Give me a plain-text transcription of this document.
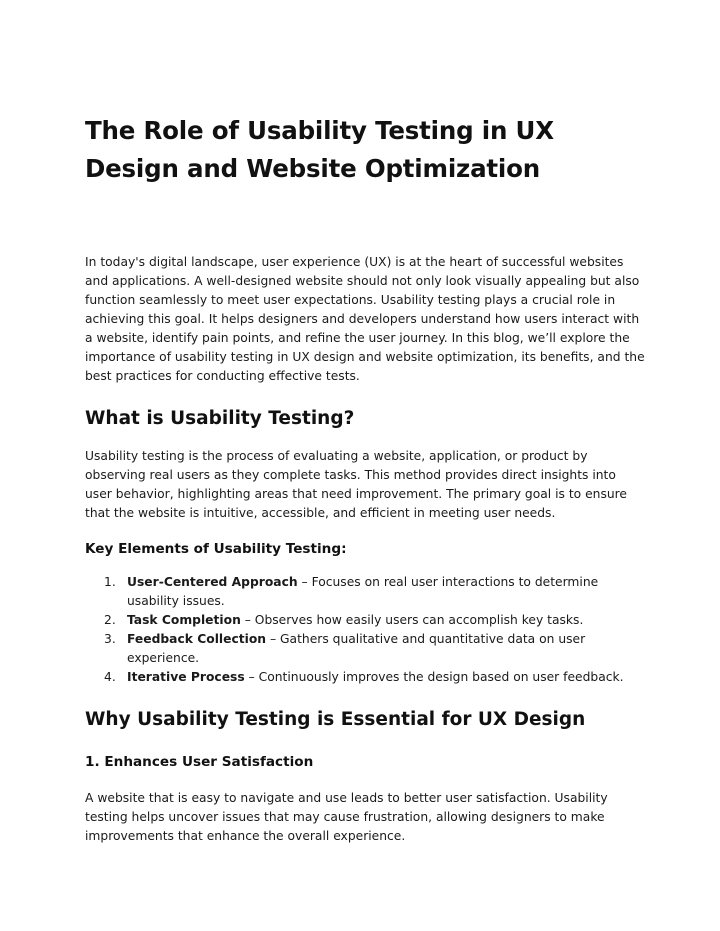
The Role of Usability Testing in UX Design and Website Optimization

In today's digital landscape, user experience (UX) is at the heart of successful websites and applications. A well-designed website should not only look visually appealing but also function seamlessly to meet user expectations. Usability testing plays a crucial role in achieving this goal. It helps designers and developers understand how users interact with a website, identify pain points, and refine the user journey. In this blog, we’ll explore the importance of usability testing in UX design and website optimization, its benefits, and the best practices for conducting effective tests.

What is Usability Testing?

Usability testing is the process of evaluating a website, application, or product by observing real users as they complete tasks. This method provides direct insights into user behavior, highlighting areas that need improvement. The primary goal is to ensure that the website is intuitive, accessible, and efficient in meeting user needs.

Key Elements of Usability Testing:
1. User-Centered Approach – Focuses on real user interactions to determine usability issues.
2. Task Completion – Observes how easily users can accomplish key tasks.
3. Feedback Collection – Gathers qualitative and quantitative data on user experience.
4. Iterative Process – Continuously improves the design based on user feedback.
Why Usability Testing is Essential for UX Design
1. Enhances User Satisfaction

A website that is easy to navigate and use leads to better user satisfaction. Usability testing helps uncover issues that may cause frustration, allowing designers to make improvements that enhance the overall experience.
